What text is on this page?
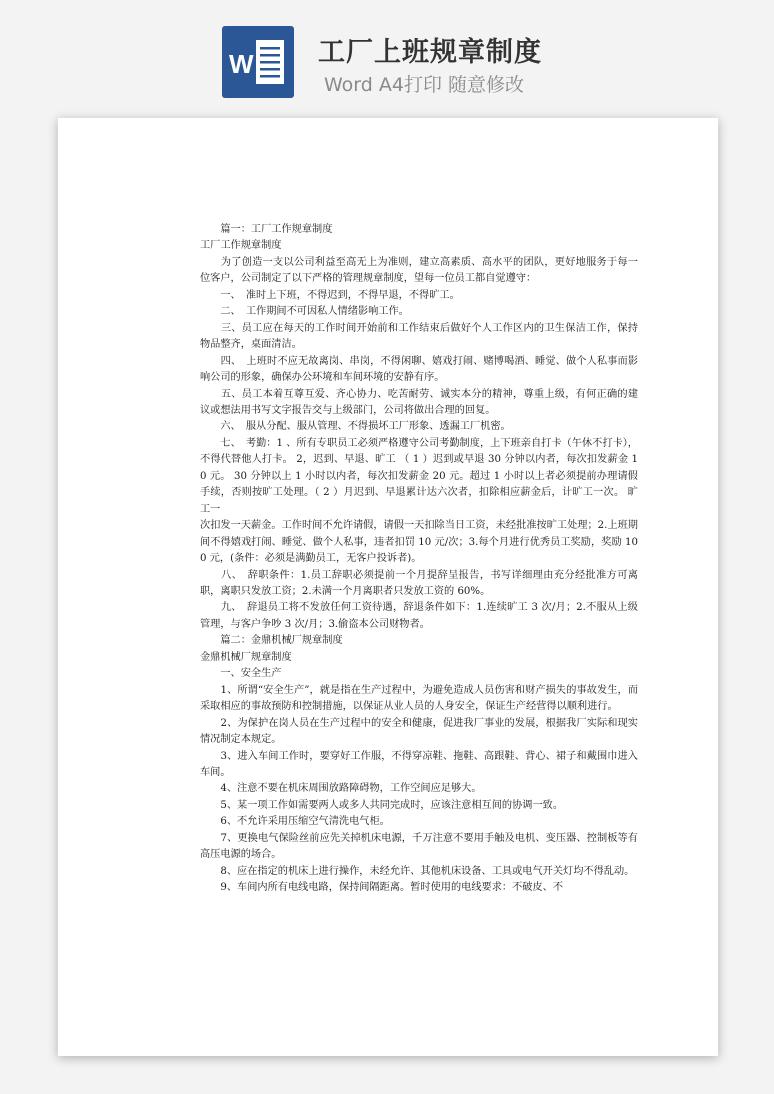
W 工厂上班规章制度
Word A4打印 随意修改

　　篇一：工厂工作规章制度

工厂工作规章制度

　　为了创造一支以公司利益至高无上为准则，建立高素质、高水平的团队，更好地服务于每一位客户，公司制定了以下严格的管理规章制度，望每一位员工都自觉遵守：

　　一、　准时上下班，不得迟到，不得早退，不得旷工。

　　二、　工作期间不可因私人情绪影响工作。

　　三、员工应在每天的工作时间开始前和工作结束后做好个人工作区内的卫生保洁工作，保持物品整齐，桌面清洁。

　　四、　上班时不应无故离岗、串岗，不得闲聊、嬉戏打闹、赌博喝酒、睡觉、做个人私事而影响公司的形象，确保办公环境和车间环境的安静有序。

　　五、员工本着互尊互爱、齐心协力、吃苦耐劳、诚实本分的精神，尊重上级，有何正确的建议或想法用书写文字报告交与上级部门，公司将做出合理的回复。

　　六、　服从分配、服从管理、不得损坏工厂形象、透漏工厂机密。

　　七、　考勤：1 、所有专职员工必须严格遵守公司考勤制度，上下班亲自打卡（午休不打卡），不得代替他人打卡。 2，迟到、早退、旷工 （ 1 ）迟到或早退 30 分钟以内者，每次扣发薪金 10 元。 30 分钟以上 1 小时以内者，每次扣发薪金 20 元。超过 1 小时以上者必须提前办理请假手续，否则按旷工处理。（ 2 ）月迟到、早退累计达六次者，扣除相应薪金后，计旷工一次。 旷工一

次扣发一天薪金。工作时间不允许请假，请假一天扣除当日工资，未经批准按旷工处理；2.上班期间不得嬉戏打闹、睡觉、做个人私事，违者扣罚 10 元/次；3.每个月进行优秀员工奖励，奖励 100 元，(条件：必须是满勤员工，无客户投诉者)。

　　八、　辞职条件：1.员工辞职必须提前一个月提辞呈报告，书写详细理由充分经批准方可离职，离职只发放工资；2.未满一个月离职者只发放工资的 60%。

　　九、　辞退员工将不发放任何工资待遇，辞退条件如下：1.连续旷工 3 次/月；2.不服从上级管理，与客户争吵 3 次/月；3.偷盗本公司财物者。

　　篇二：金鼎机械厂规章制度

金鼎机械厂规章制度

　　一、安全生产

　　1、所谓“安全生产”，就是指在生产过程中，为避免造成人员伤害和财产损失的事故发生，而采取相应的事故预防和控制措施，以保证从业人员的人身安全，保证生产经营得以顺利进行。

　　2、为保护在岗人员在生产过程中的安全和健康，促进我厂事业的发展，根据我厂实际和现实情况制定本规定。

　　3、进入车间工作时，要穿好工作服，不得穿凉鞋、拖鞋、高跟鞋、背心、裙子和戴围巾进入车间。

　　4、注意不要在机床周围放路障碍物，工作空间应足够大。

　　5、某一项工作如需要两人或多人共同完成时，应该注意相互间的协调一致。

　　6、不允许采用压缩空气清洗电气柜。

　　7、更换电气保险丝前应先关掉机床电源，千万注意不要用手触及电机、变压器、控制板等有高压电源的场合。

　　8、应在指定的机床上进行操作，未经允许、其他机床设备、工具或电气开关灯均不得乱动。

　　9、车间内所有电线电路，保持间隔距离。暂时使用的电线要求：不破皮、不
